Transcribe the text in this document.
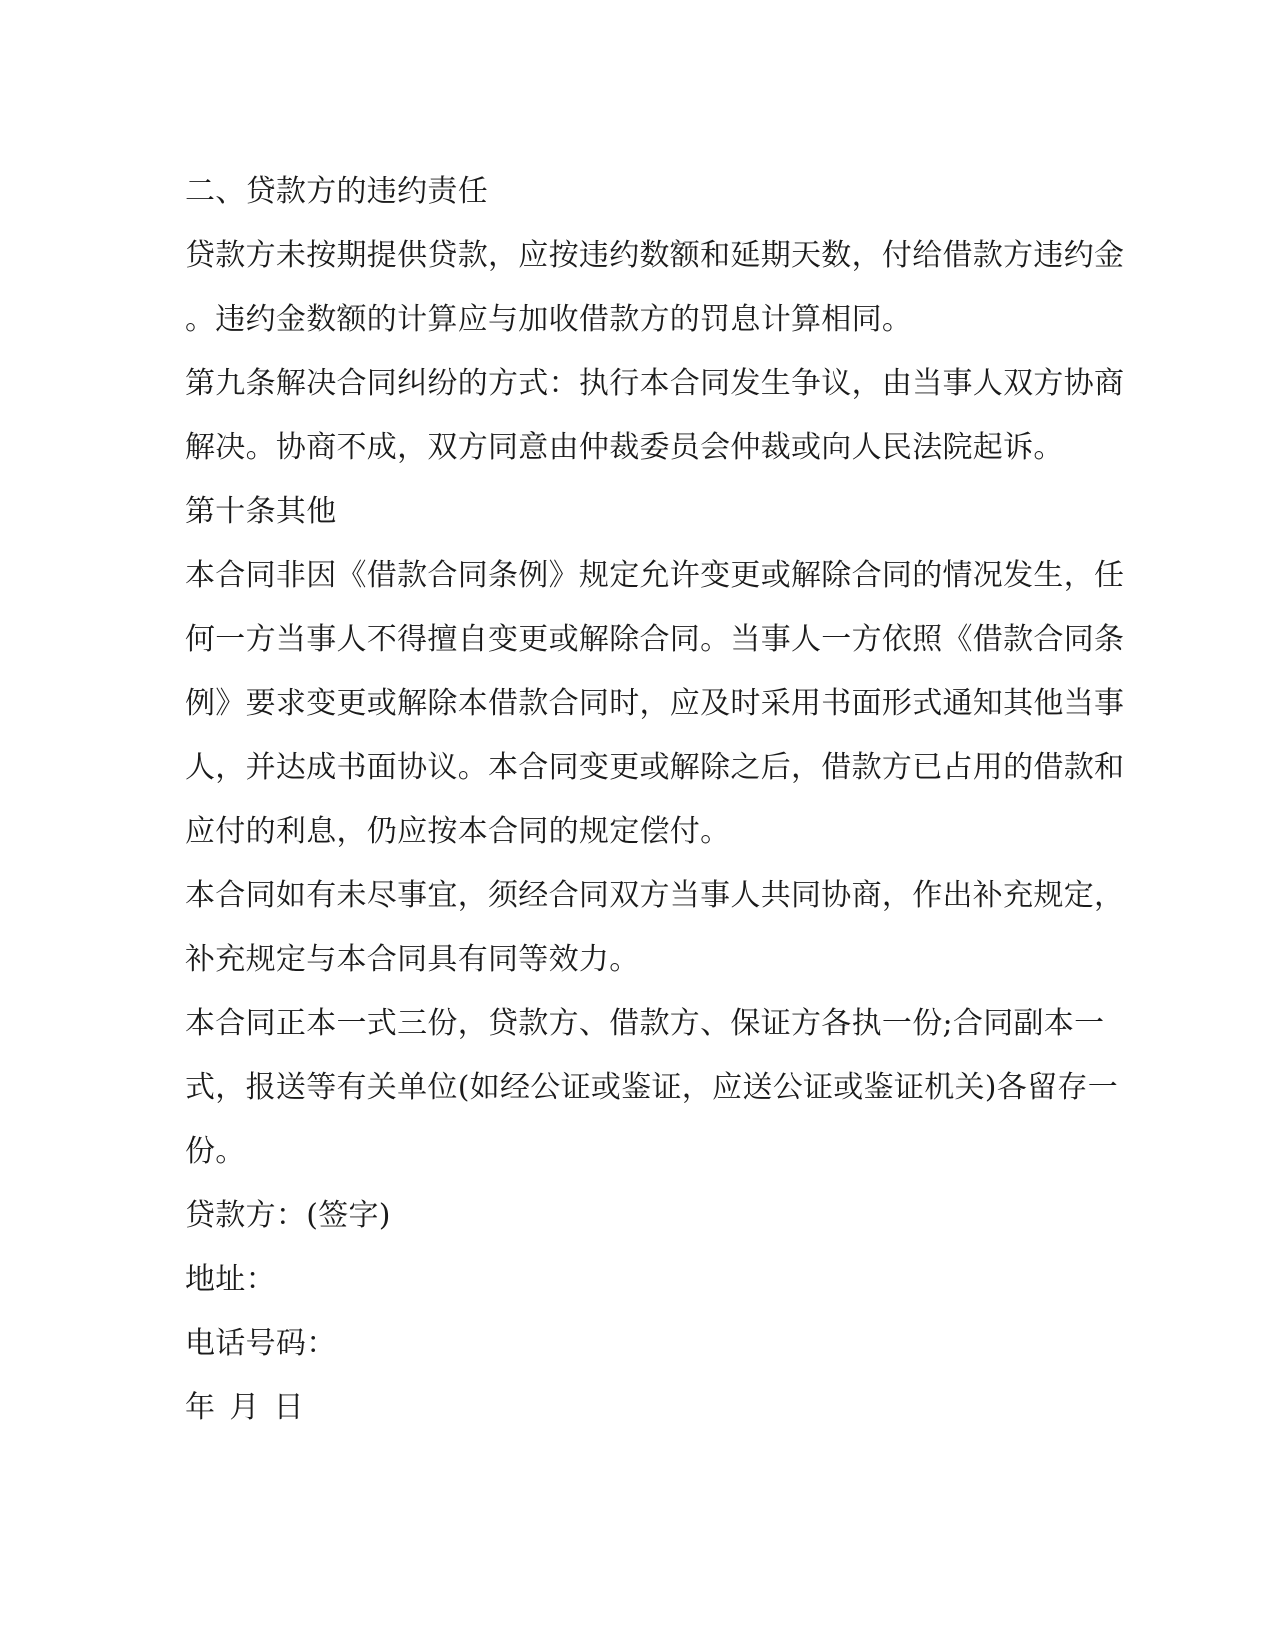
二、贷款方的违约责任
贷款方未按期提供贷款，应按违约数额和延期天数，付给借款方违约金
。违约金数额的计算应与加收借款方的罚息计算相同。
第九条解决合同纠纷的方式：执行本合同发生争议，由当事人双方协商
解决。协商不成，双方同意由仲裁委员会仲裁或向人民法院起诉。
第十条其他
本合同非因《借款合同条例》规定允许变更或解除合同的情况发生，任
何一方当事人不得擅自变更或解除合同。当事人一方依照《借款合同条
例》要求变更或解除本借款合同时，应及时采用书面形式通知其他当事
人，并达成书面协议。本合同变更或解除之后，借款方已占用的借款和
应付的利息，仍应按本合同的规定偿付。
本合同如有未尽事宜，须经合同双方当事人共同协商，作出补充规定，
补充规定与本合同具有同等效力。
本合同正本一式三份，贷款方、借款方、保证方各执一份;合同副本一
式，报送等有关单位(如经公证或鉴证，应送公证或鉴证机关)各留存一
份。
贷款方：(签字)
地址：
电话号码：
年 月 日
